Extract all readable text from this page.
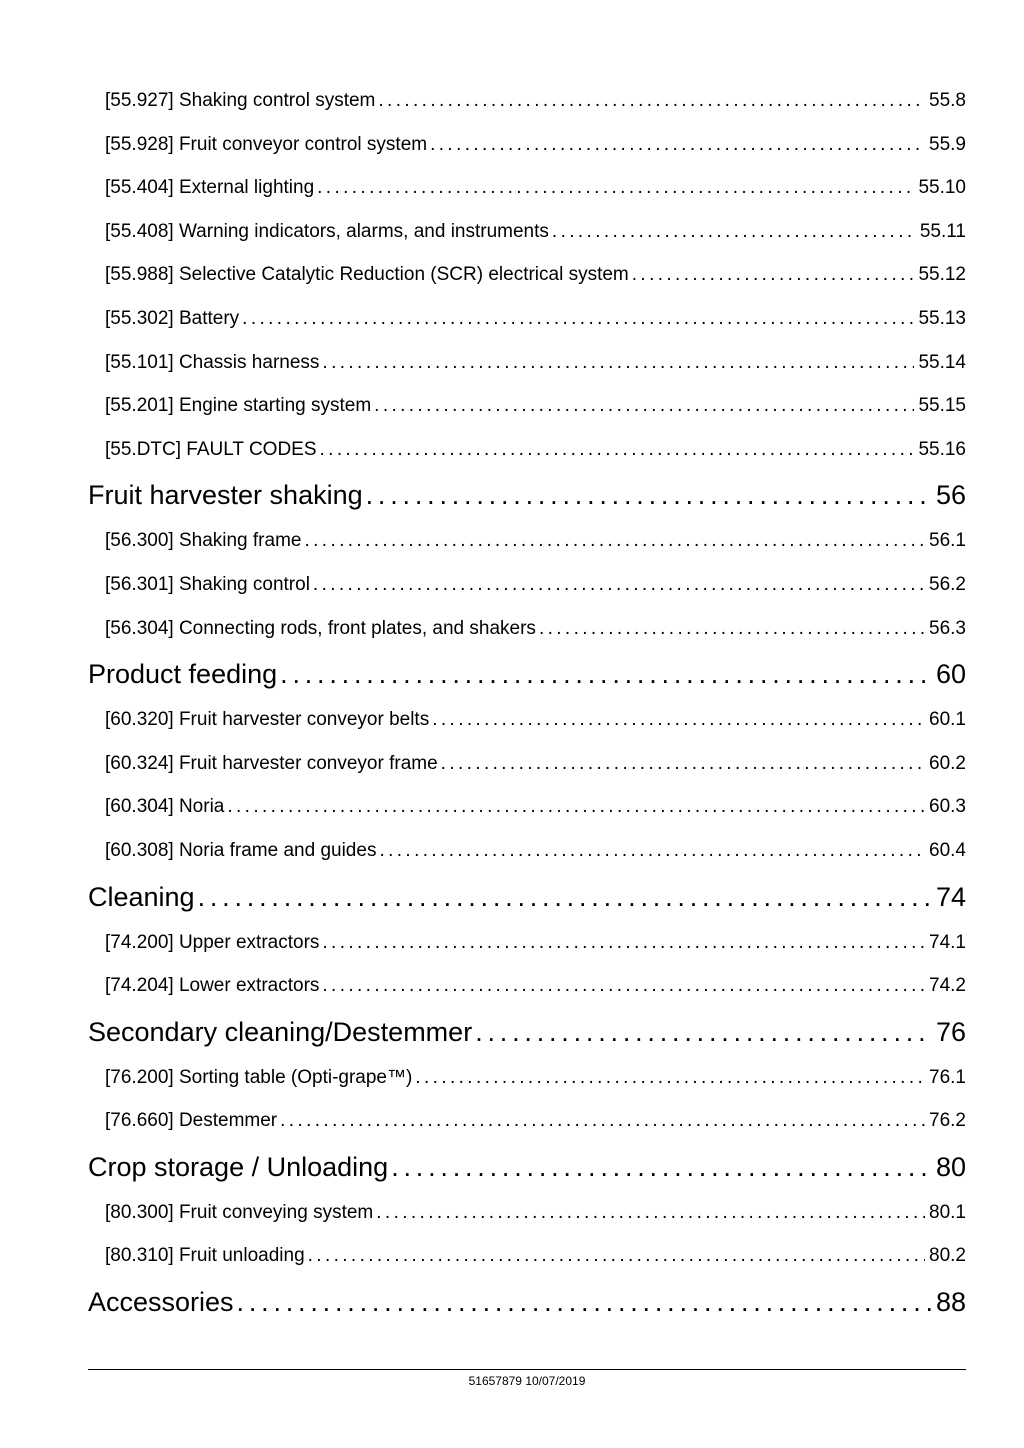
[55.927] Shaking control system . . .	55.8
[55.928] Fruit conveyor control system . . .	55.9
[55.404] External lighting . . .	55.10
[55.408] Warning indicators, alarms, and instruments . . .	55.11
[55.988] Selective Catalytic Reduction (SCR) electrical system . . .	55.12
[55.302] Battery . . .	55.13
[55.101] Chassis harness . . .	55.14
[55.201] Engine starting system . . .	55.15
[55.DTC] FAULT CODES . . .	55.16
Fruit harvester shaking . . .	56
[56.300] Shaking frame . . .	56.1
[56.301] Shaking control . . .	56.2
[56.304] Connecting rods, front plates, and shakers . . .	56.3
Product feeding . . .	60
[60.320] Fruit harvester conveyor belts . . .	60.1
[60.324] Fruit harvester conveyor frame . . .	60.2
[60.304] Noria . . .	60.3
[60.308] Noria frame and guides . . .	60.4
Cleaning . . .	74
[74.200] Upper extractors . . .	74.1
[74.204] Lower extractors . . .	74.2
Secondary cleaning/Destemmer . . .	76
[76.200] Sorting table (Opti-grape™) . . .	76.1
[76.660] Destemmer . . .	76.2
Crop storage / Unloading . . .	80
[80.300] Fruit conveying system . . .	80.1
[80.310] Fruit unloading . . .	80.2
Accessories . . .	88
51657879 10/07/2019
